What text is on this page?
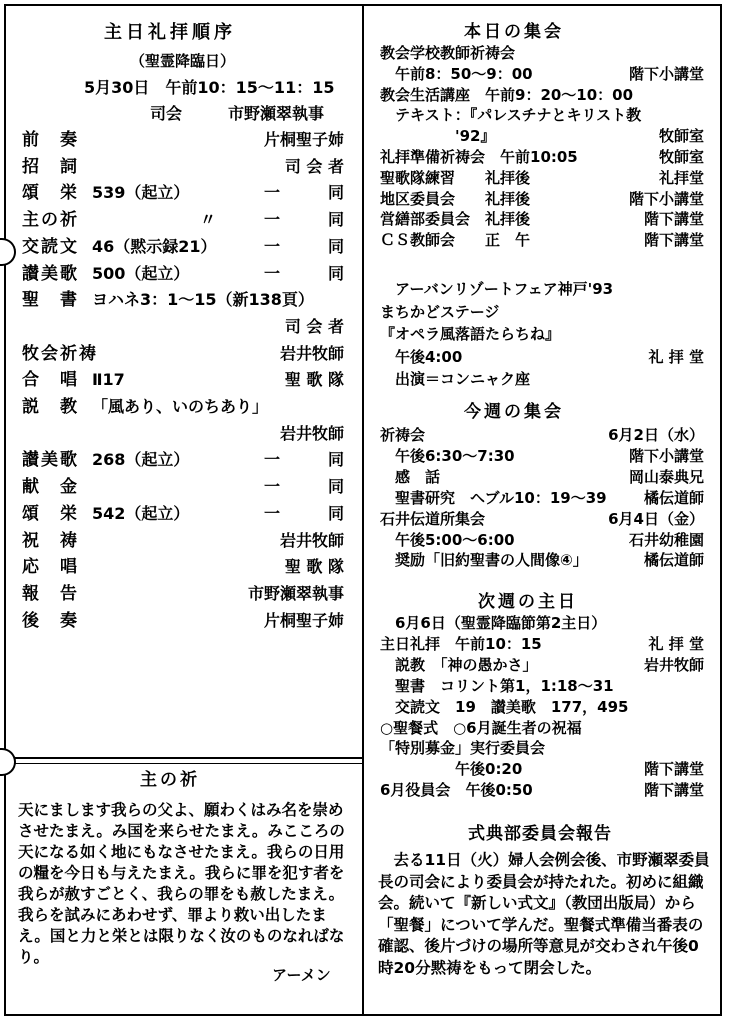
主日礼拝順序
（聖霊降臨日）
5月30日　午前10：15〜11：15
司会	市野瀬翠執事
前　奏	片桐聖子姉
招　詞	司 会 者
頌　栄 539（起立）	一　　　同
主の祈	〃	一　　　同
交読文 46（黙示録21）	一　　　同
讃美歌 500（起立）	一　　　同
聖　書 ヨハネ3：1〜15（新138頁）
司 会 者
牧会祈祷	岩井牧師
合　唱 Ⅱ17	聖 歌 隊
説　教 「風あり、いのちあり」
岩井牧師
讃美歌 268（起立）	一　　　同
献　金	一　　　同
頌　栄 542（起立）	一　　　同
祝　祷	岩井牧師
応　唱	聖 歌 隊
報　告	市野瀬翠執事
後　奏	片桐聖子姉
主の祈
天にまします我らの父よ、願わくはみ名を崇めさせたまえ。み国を来らせたまえ。みこころの天になる如く地にもなさせたまえ。我らの日用の糧を今日も与えたまえ。我らに罪を犯す者を我らが赦すごとく、我らの罪をも赦したまえ。我らを試みにあわせず、罪より救い出したまえ。国と力と栄とは限りなく汝のものなればなり。
アーメン
本日の集会
教会学校教師祈祷会
　午前8：50〜9：00	階下小講堂
教会生活講座　午前9：20〜10：00
　テキスト：『パレスチナとキリスト教
　　　　　'92』	牧師室
礼拝準備祈祷会　午前10:05	牧師室
聖歌隊練習　　礼拝後	礼拝堂
地区委員会　　礼拝後	階下小講堂
営繕部委員会　礼拝後	階下講堂
ＣＳ教師会　　正　午	階下講堂
　アーバンリゾートフェア神戸'93
まちかどステージ
『オペラ風落語たらちね』
　午後4:00	礼 拝 堂
　出演＝コンニャク座
今週の集会
祈祷会	6月2日（水）
　午後6:30〜7:30	階下小講堂
　感　話	岡山泰典兄
　聖書研究　ヘブル10：19〜39 橘伝道師
石井伝道所集会	6月4日（金）
　午後5:00〜6:00	石井幼稚園
　奨励「旧約聖書の人間像④」	橘伝道師
次週の主日
　6月6日（聖霊降臨節第2主日）
主日礼拝　午前10：15	礼 拝 堂
　説教　「神の愚かさ」	岩井牧師
　聖書　コリント第1，1:18〜31
　交読文　19　讃美歌　177，495
○聖餐式　○6月誕生者の祝福
「特別募金」実行委員会
　　　　　午後0:20	階下講堂
6月役員会　午後0:50	階下講堂
式典部委員会報告
　去る11日（火）婦人会例会後、市野瀬翠委員長の司会により委員会が持たれた。初めに組織会。続いて『新しい式文』（教団出版局）から「聖餐」について学んだ。聖餐式準備当番表の確認、後片づけの場所等意見が交わされ午後0時20分黙祷をもって閉会した。
